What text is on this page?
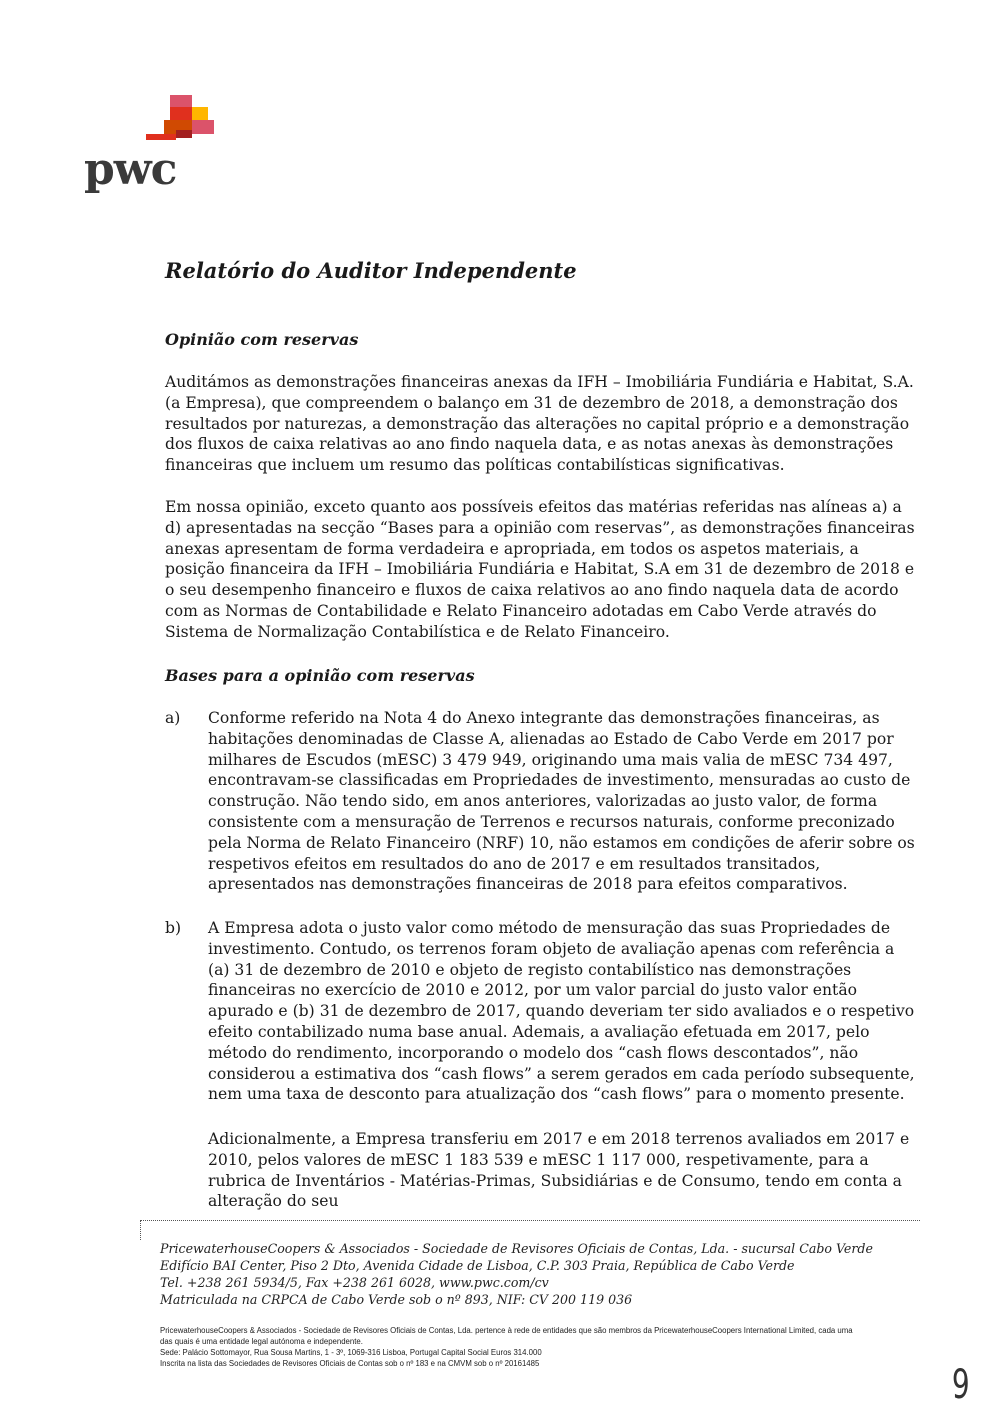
pwc
Relatório do Auditor Independente
Opinião com reservas

Auditámos as demonstrações financeiras anexas da IFH – Imobiliária Fundiária e Habitat, S.A. (a Empresa), que compreendem o balanço em 31 de dezembro de 2018, a demonstração dos resultados por naturezas, a demonstração das alterações no capital próprio e a demonstração dos fluxos de caixa relativas ao ano findo naquela data, e as notas anexas às demonstrações financeiras que incluem um resumo das políticas contabilísticas significativas.

Em nossa opinião, exceto quanto aos possíveis efeitos das matérias referidas nas alíneas a) a d) apresentadas na secção “Bases para a opinião com reservas”, as demonstrações financeiras anexas apresentam de forma verdadeira e apropriada, em todos os aspetos materiais, a posição financeira da IFH – Imobiliária Fundiária e Habitat, S.A em 31 de dezembro de 2018 e o seu desempenho financeiro e fluxos de caixa relativos ao ano findo naquela data de acordo com as Normas de Contabilidade e Relato Financeiro adotadas em Cabo Verde através do Sistema de Normalização Contabilística e de Relato Financeiro.

Bases para a opinião com reservas

a) Conforme referido na Nota 4 do Anexo integrante das demonstrações financeiras, as habitações denominadas de Classe A, alienadas ao Estado de Cabo Verde em 2017 por milhares de Escudos (mESC) 3 479 949, originando uma mais valia de mESC 734 497, encontravam-se classificadas em Propriedades de investimento, mensuradas ao custo de construção. Não tendo sido, em anos anteriores, valorizadas ao justo valor, de forma consistente com a mensuração de Terrenos e recursos naturais, conforme preconizado pela Norma de Relato Financeiro (NRF) 10, não estamos em condições de aferir sobre os respetivos efeitos em resultados do ano de 2017 e em resultados transitados, apresentados nas demonstrações financeiras de 2018 para efeitos comparativos.

b) A Empresa adota o justo valor como método de mensuração das suas Propriedades de investimento. Contudo, os terrenos foram objeto de avaliação apenas com referência a (a) 31 de dezembro de 2010 e objeto de registo contabilístico nas demonstrações financeiras no exercício de 2010 e 2012, por um valor parcial do justo valor então apurado e (b) 31 de dezembro de 2017, quando deveriam ter sido avaliados e o respetivo efeito contabilizado numa base anual. Ademais, a avaliação efetuada em 2017, pelo método do rendimento, incorporando o modelo dos “cash flows descontados”, não considerou a estimativa dos “cash flows” a serem gerados em cada período subsequente, nem uma taxa de desconto para atualização dos “cash flows” para o momento presente.

Adicionalmente, a Empresa transferiu em 2017 e em 2018 terrenos avaliados em 2017 e 2010, pelos valores de mESC 1 183 539 e mESC 1 117 000, respetivamente, para a rubrica de Inventários - Matérias-Primas, Subsidiárias e de Consumo, tendo em conta a alteração do seu

PricewaterhouseCoopers & Associados - Sociedade de Revisores Oficiais de Contas, Lda. - sucursal Cabo Verde
Edifício BAI Center, Piso 2 Dto, Avenida Cidade de Lisboa, C.P. 303 Praia, República de Cabo Verde
Tel. +238 261 5934/5, Fax +238 261 6028, www.pwc.com/cv
Matriculada na CRPCA de Cabo Verde sob o nº 893, NIF: CV 200 119 036
PricewaterhouseCoopers & Associados - Sociedade de Revisores Oficiais de Contas, Lda. pertence à rede de entidades que são membros da PricewaterhouseCoopers International Limited, cada uma
das quais é uma entidade legal autónoma e independente.
Sede: Palácio Sottomayor, Rua Sousa Martins, 1 - 3º, 1069-316 Lisboa, Portugal Capital Social Euros 314.000
Inscrita na lista das Sociedades de Revisores Oficiais de Contas sob o nº 183 e na CMVM sob o nº 20161485	9
